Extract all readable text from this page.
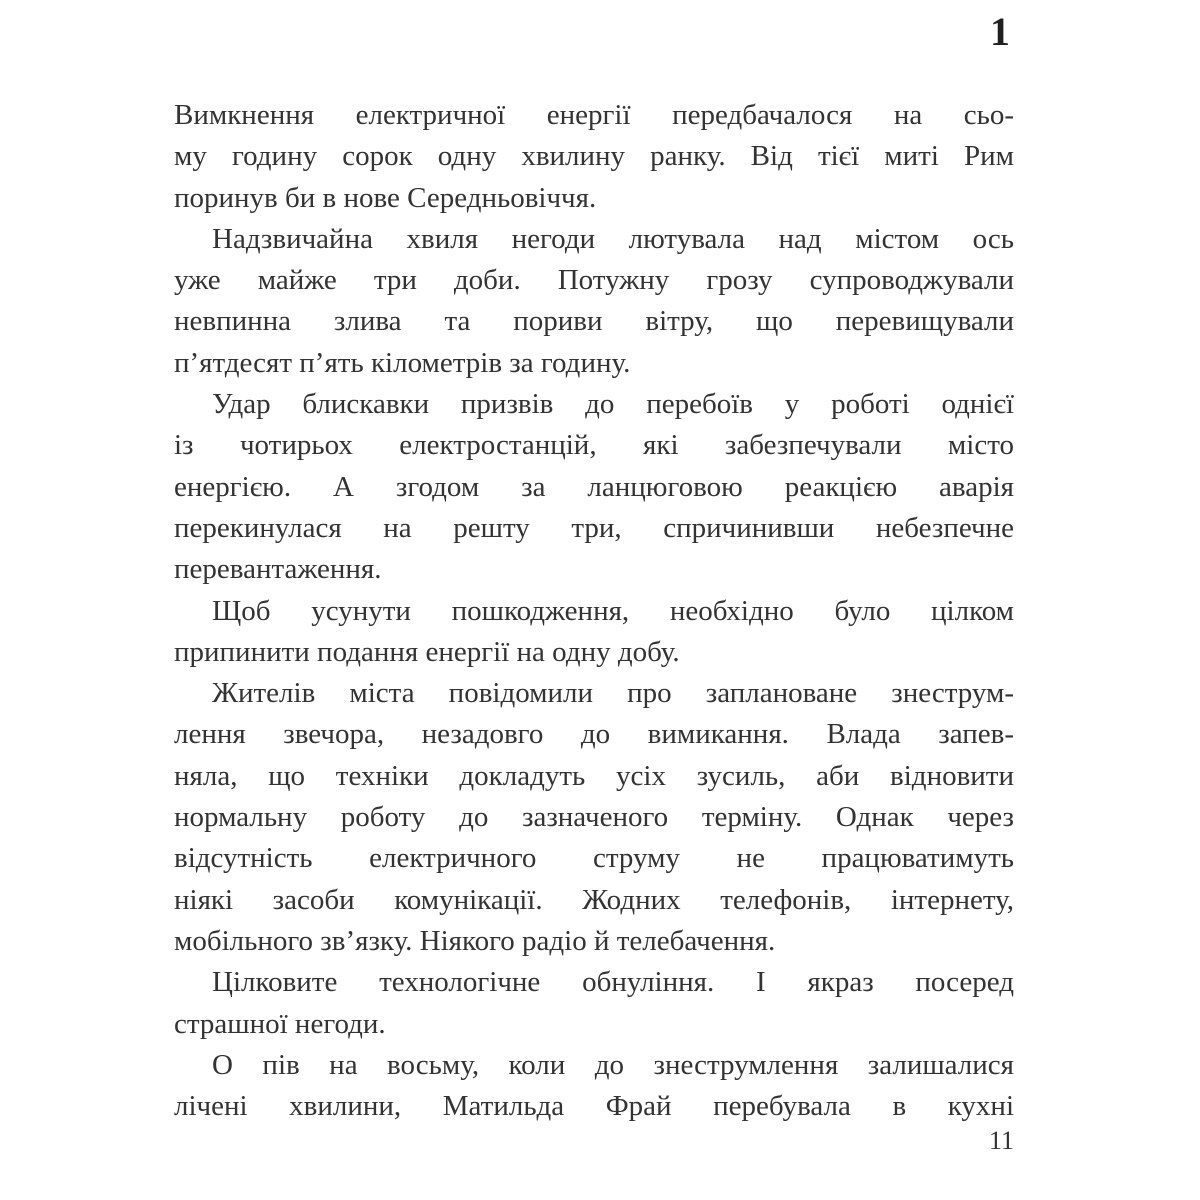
1
Вимкнення електричної енергії передбачалося на сьо-
му годину сорок одну хвилину ранку. Від тієї миті Рим
поринув би в нове Середньовіччя.
Надзвичайна хвиля негоди лютувала над містом ось
уже майже три доби. Потужну грозу супроводжували
невпинна злива та пориви вітру, що перевищували
п’ятдесят п’ять кілометрів за годину.
Удар блискавки призвів до перебоїв у роботі однієї
із чотирьох електростанцій, які забезпечували місто
енергією. А згодом за ланцюговою реакцією аварія
перекинулася на решту три, спричинивши небезпечне
перевантаження.
Щоб усунути пошкодження, необхідно було цілком
припинити подання енергії на одну добу.
Жителів міста повідомили про заплановане знеструм-
лення звечора, незадовго до вимикання. Влада запев-
няла, що техніки докладуть усіх зусиль, аби відновити
нормальну роботу до зазначеного терміну. Однак через
відсутність електричного струму не працюватимуть
ніякі засоби комунікації. Жодних телефонів, інтернету,
мобільного зв’язку. Ніякого радіо й телебачення.
Цілковите технологічне обнуління. І якраз посеред
страшної негоди.
О пів на восьму, коли до знеструмлення залишалися
лічені хвилини, Матильда Фрай перебувала в кухні
11
